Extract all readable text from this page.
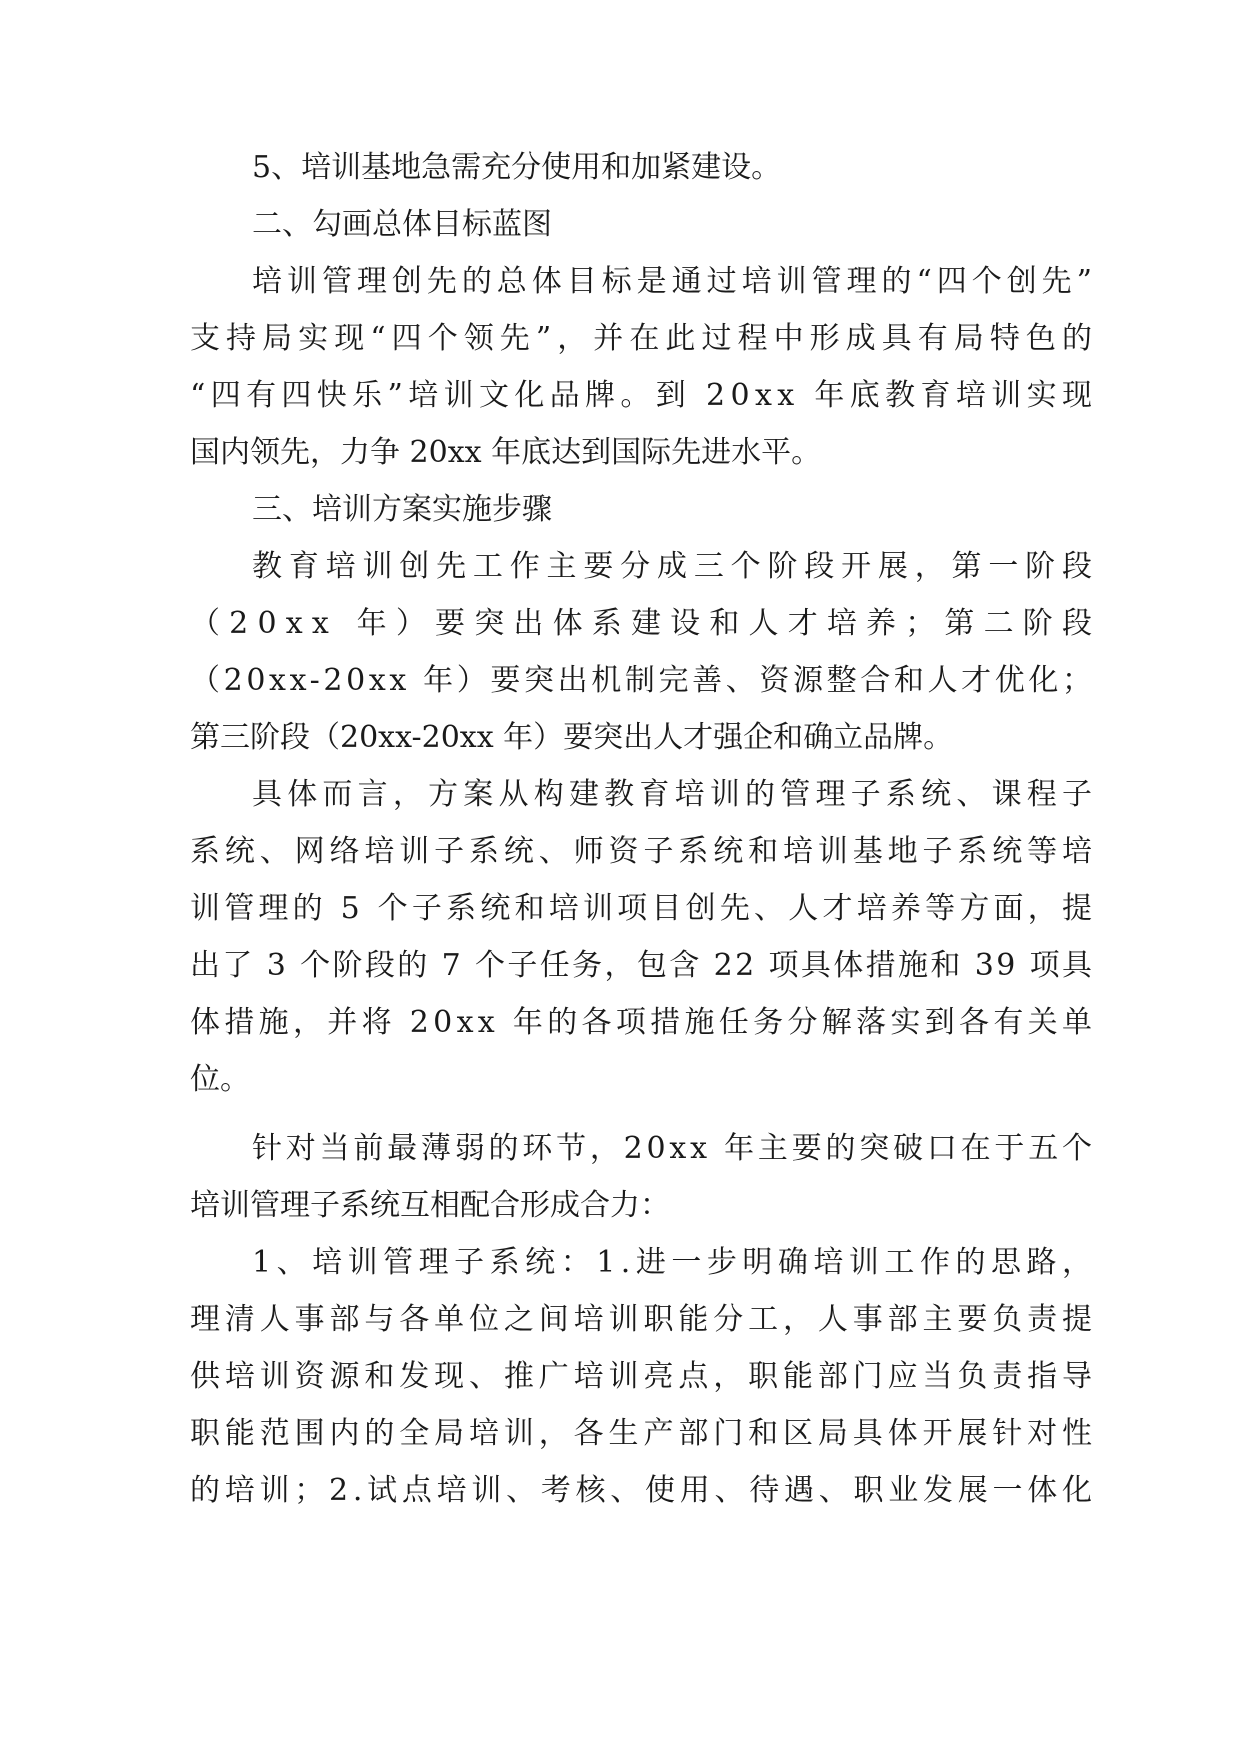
5、培训基地急需充分使用和加紧建设。
二、勾画总体目标蓝图
培训管理创先的总体目标是通过培训管理的“四个创先”
支持局实现“四个领先”，并在此过程中形成具有局特色的
“四有四快乐”培训文化品牌。到 20xx 年底教育培训实现
国内领先，力争 20xx 年底达到国际先进水平。
三、培训方案实施步骤
教育培训创先工作主要分成三个阶段开展，第一阶段
（20xx 年）要突出体系建设和人才培养；第二阶段
（20xx-20xx 年）要突出机制完善、资源整合和人才优化；
第三阶段（20xx-20xx 年）要突出人才强企和确立品牌。
具体而言，方案从构建教育培训的管理子系统、课程子
系统、网络培训子系统、师资子系统和培训基地子系统等培
训管理的 5 个子系统和培训项目创先、人才培养等方面，提
出了 3 个阶段的 7 个子任务，包含 22 项具体措施和 39 项具
体措施，并将 20xx 年的各项措施任务分解落实到各有关单
位。
针对当前最薄弱的环节，20xx 年主要的突破口在于五个
培训管理子系统互相配合形成合力：
1、培训管理子系统：1.进一步明确培训工作的思路，
理清人事部与各单位之间培训职能分工，人事部主要负责提
供培训资源和发现、推广培训亮点，职能部门应当负责指导
职能范围内的全局培训，各生产部门和区局具体开展针对性
的培训；2.试点培训、考核、使用、待遇、职业发展一体化
